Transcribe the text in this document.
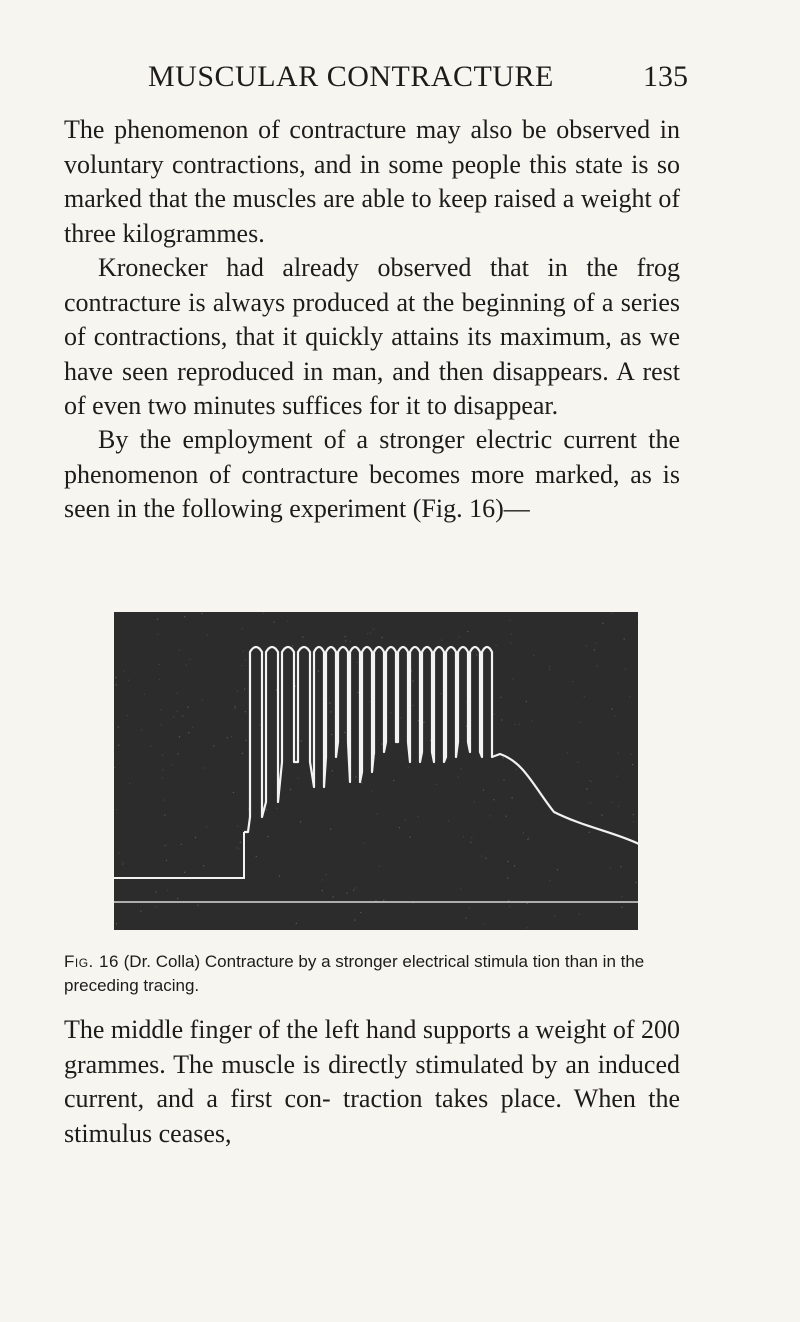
MUSCULAR CONTRACTURE	135

The phenomenon of contracture may also be observed in voluntary contractions, and in some people this state is so marked that the muscles are able to keep raised a weight of three kilogrammes.

Kronecker had already observed that in the frog contracture is always produced at the beginning of a series of contractions, that it quickly attains its maximum, as we have seen reproduced in man, and then disappears. A rest of even two minutes suffices for it to disappear.

By the employment of a stronger electric current the phenomenon of contracture becomes more marked, as is seen in the following experiment (Fig. 16)—

Fig. 16 (Dr. Colla) Contracture by a stronger electrical stimula tion than in the preceding tracing.

The middle finger of the left hand supports a weight of 200 grammes. The muscle is directly stimulated by an induced current, and a first con- traction takes place. When the stimulus ceases,
